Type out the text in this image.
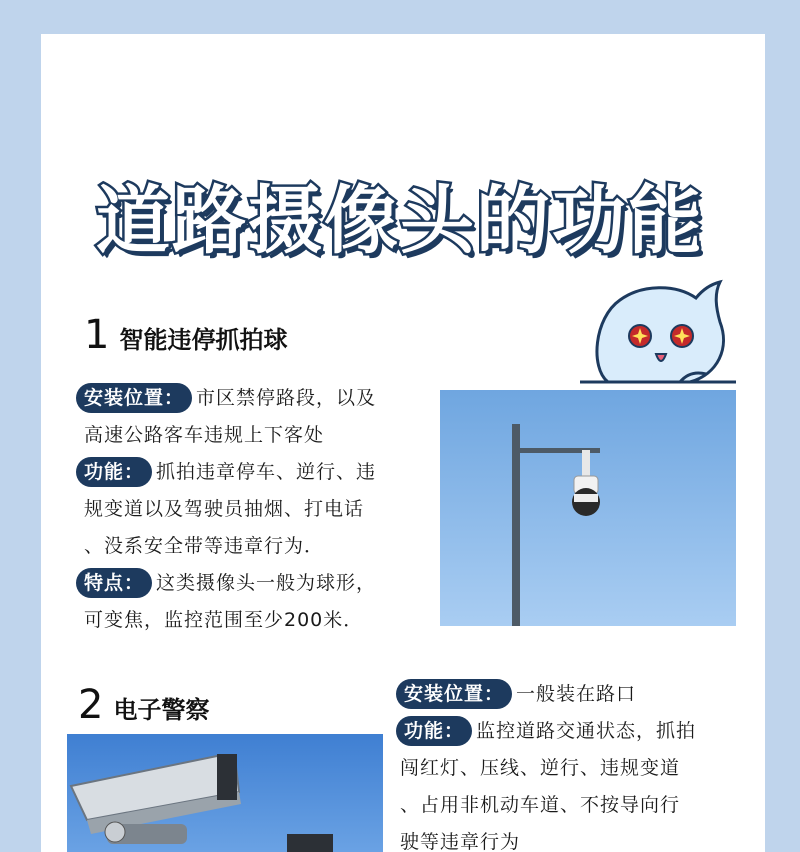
道路摄像头的功能
1 智能违停抓拍球
安装位置： 市区禁停路段，以及
高速公路客车违规上下客处
功能： 抓拍违章停车、逆行、违
规变道以及驾驶员抽烟、打电话
、没系安全带等违章行为．
特点： 这类摄像头一般为球形，
可变焦，监控范围至少200米．
2 电子警察
安装位置： 一般装在路口
功能： 监控道路交通状态，抓拍
闯红灯、压线、逆行、违规变道
、占用非机动车道、不按导向行
驶等违章行为
